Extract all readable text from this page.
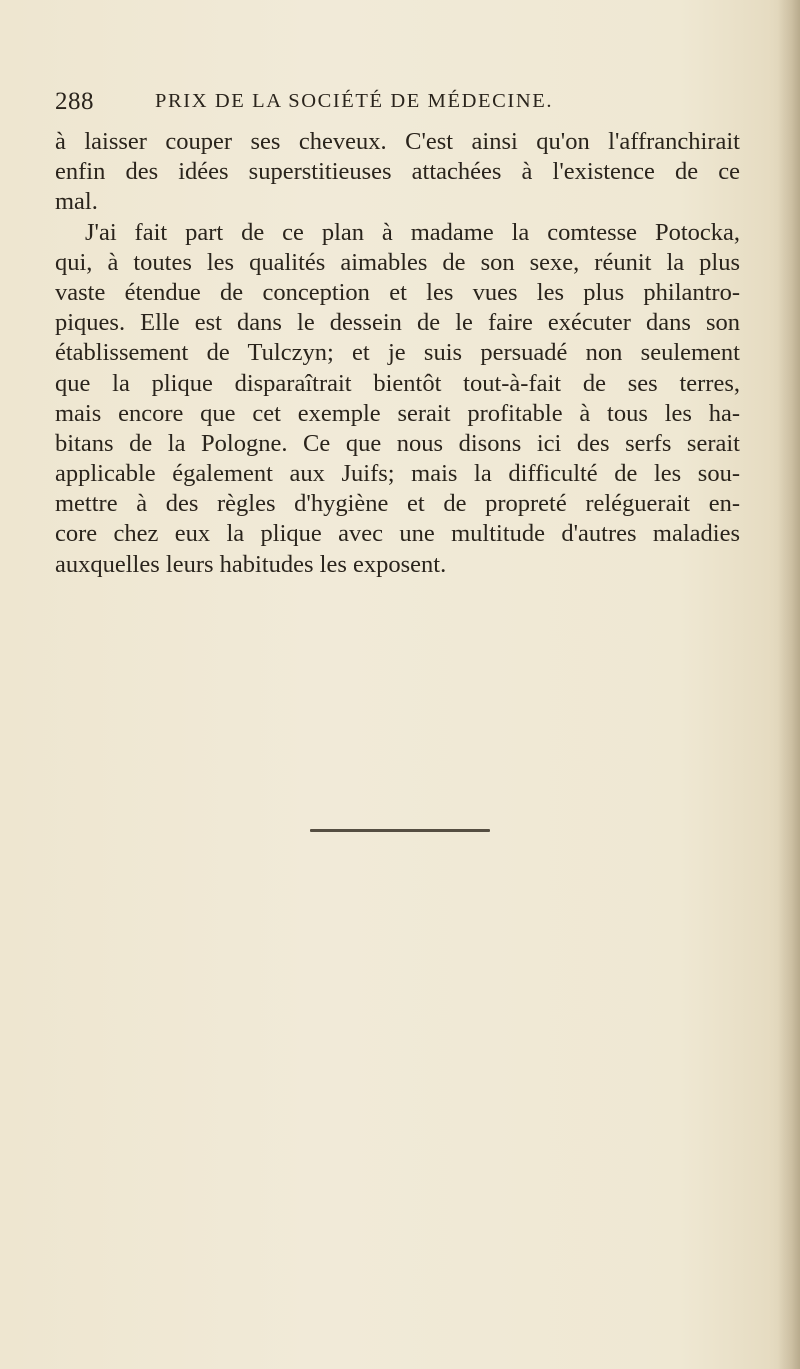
288	PRIX DE LA SOCIÉTÉ DE MÉDECINE.
à laisser couper ses cheveux. C'est ainsi qu'on l'affranchirait
enfin des idées superstitieuses attachées à l'existence de ce
mal.
J'ai fait part de ce plan à madame la comtesse Potocka,
qui, à toutes les qualités aimables de son sexe, réunit la plus
vaste étendue de conception et les vues les plus philantro-
piques. Elle est dans le dessein de le faire exécuter dans son
établissement de Tulczyn; et je suis persuadé non seulement
que la plique disparaîtrait bientôt tout-à-fait de ses terres,
mais encore que cet exemple serait profitable à tous les ha-
bitans de la Pologne. Ce que nous disons ici des serfs serait
applicable également aux Juifs; mais la difficulté de les sou-
mettre à des règles d'hygiène et de propreté reléguerait en-
core chez eux la plique avec une multitude d'autres maladies
auxquelles leurs habitudes les exposent.
